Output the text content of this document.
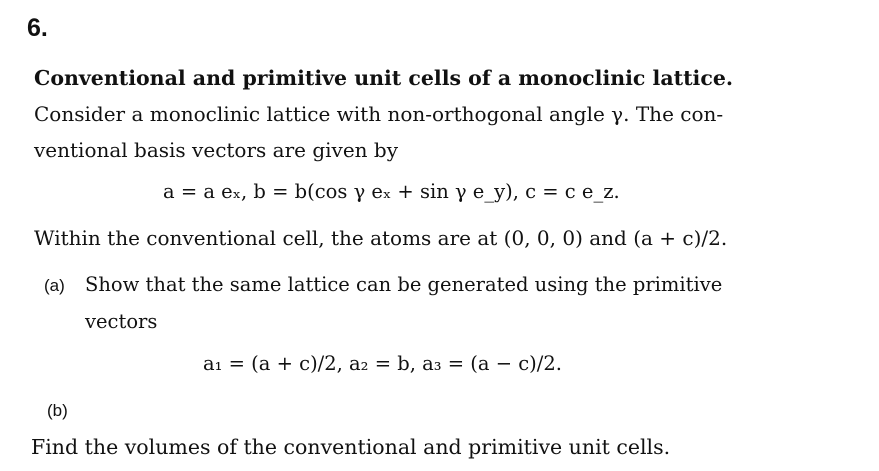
6.
Conventional and primitive unit cells of a monoclinic lattice.
Consider a monoclinic lattice with non-orthogonal angle γ. The con-
ventional basis vectors are given by
a = a eₓ, b = b(cos γ eₓ + sin γ e_y), c = c e_z.
Within the conventional cell, the atoms are at (0, 0, 0) and (a + c)/2.
(a) Show that the same lattice can be generated using the primitive
vectors
a₁ = (a + c)/2, a₂ = b, a₃ = (a − c)/2.
(b)
Find the volumes of the conventional and primitive unit cells.
